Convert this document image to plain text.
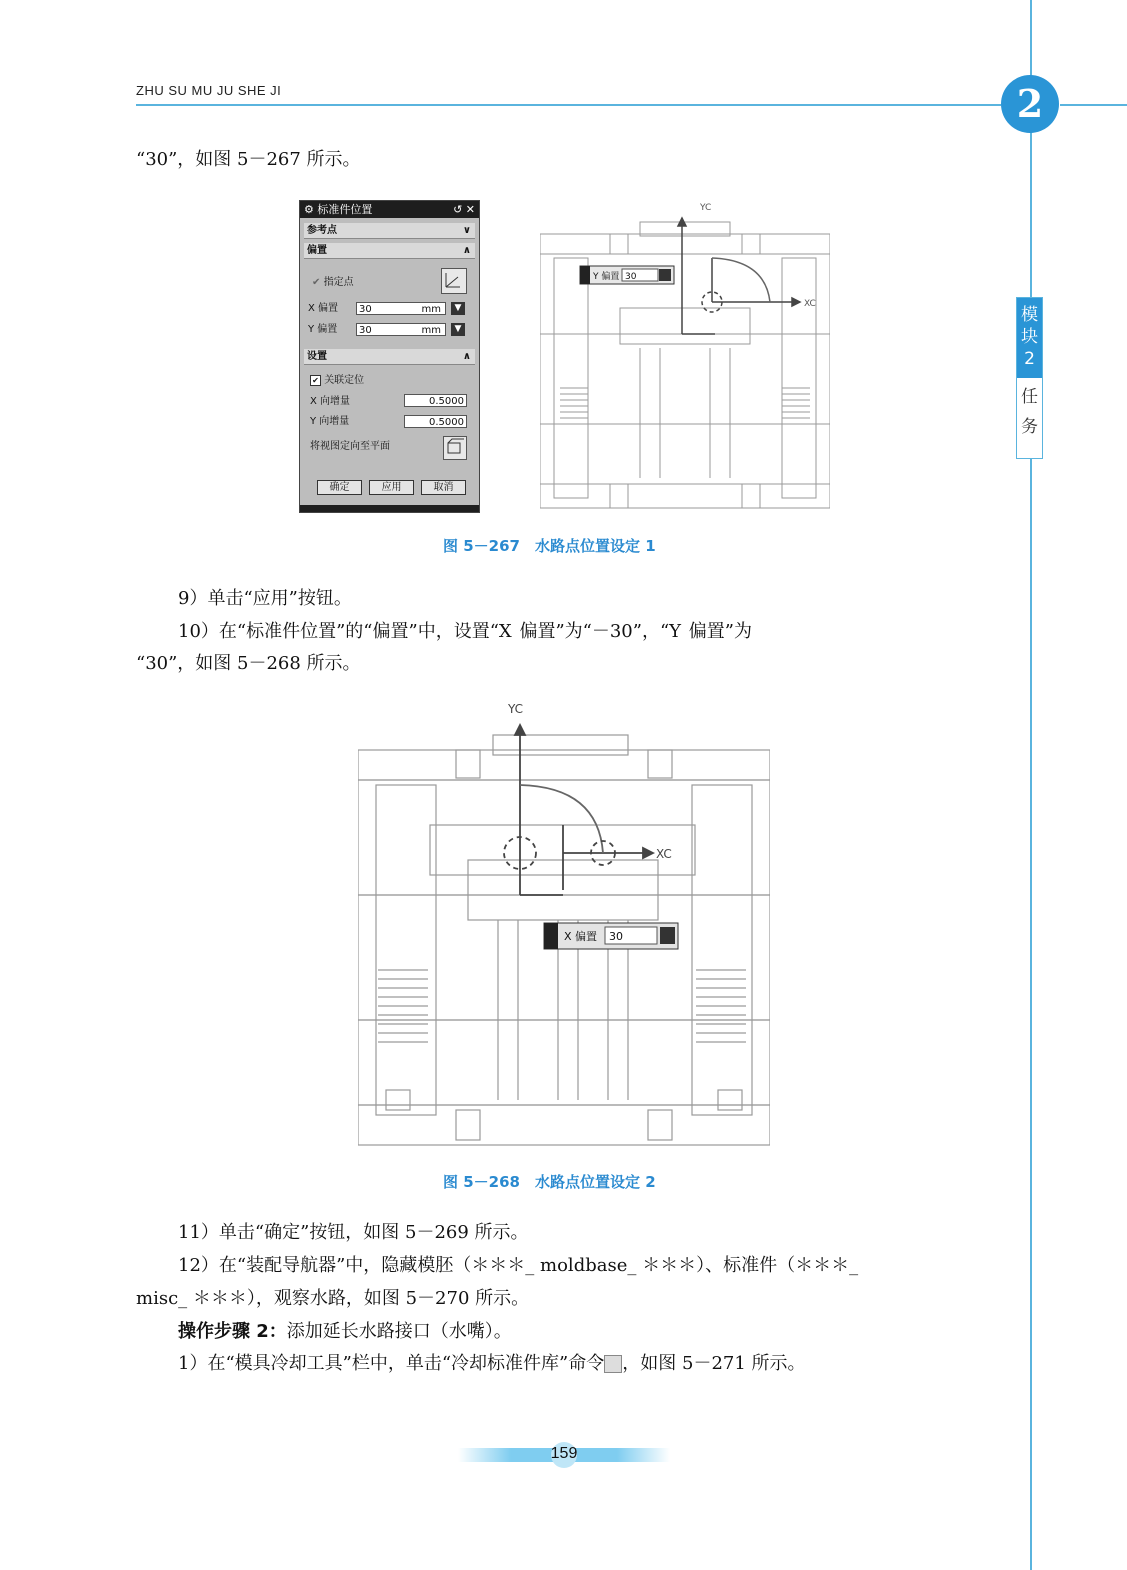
ZHU SU MU JU SHE JI	2
模块
2
任
务
“30”，如图 5－267 所示。
⚙ 标准件位置	↺ ✕
参考点	∨
偏置	∧
✔ 指定点
X 偏置	30	mm	▼
Y 偏置	30	mm	▼
设置	∧
✔ 关联定位
X 向增量	0.5000
Y 向增量	0.5000
将视图定向至平面
确定	应用	取消
YC
XC
Y 偏置 30
图 5－267　水路点位置设定 1
9）单击“应用”按钮。
10）在“标准件位置”的“偏置”中，设置“X 偏置”为“－30”，“Y 偏置”为
“30”，如图 5－268 所示。
YC
XC
X 偏置 30
图 5－268　水路点位置设定 2
11）单击“确定”按钮，如图 5－269 所示。
12）在“装配导航器”中，隐藏模胚（＊＊＊_ moldbase_ ＊＊＊）、标准件（＊＊＊_
misc_ ＊＊＊），观察水路，如图 5－270 所示。
操作步骤 2：添加延长水路接口（水嘴）。
1）在“模具冷却工具”栏中，单击“冷却标准件库”命令 ，如图 5－271 所示。
159
